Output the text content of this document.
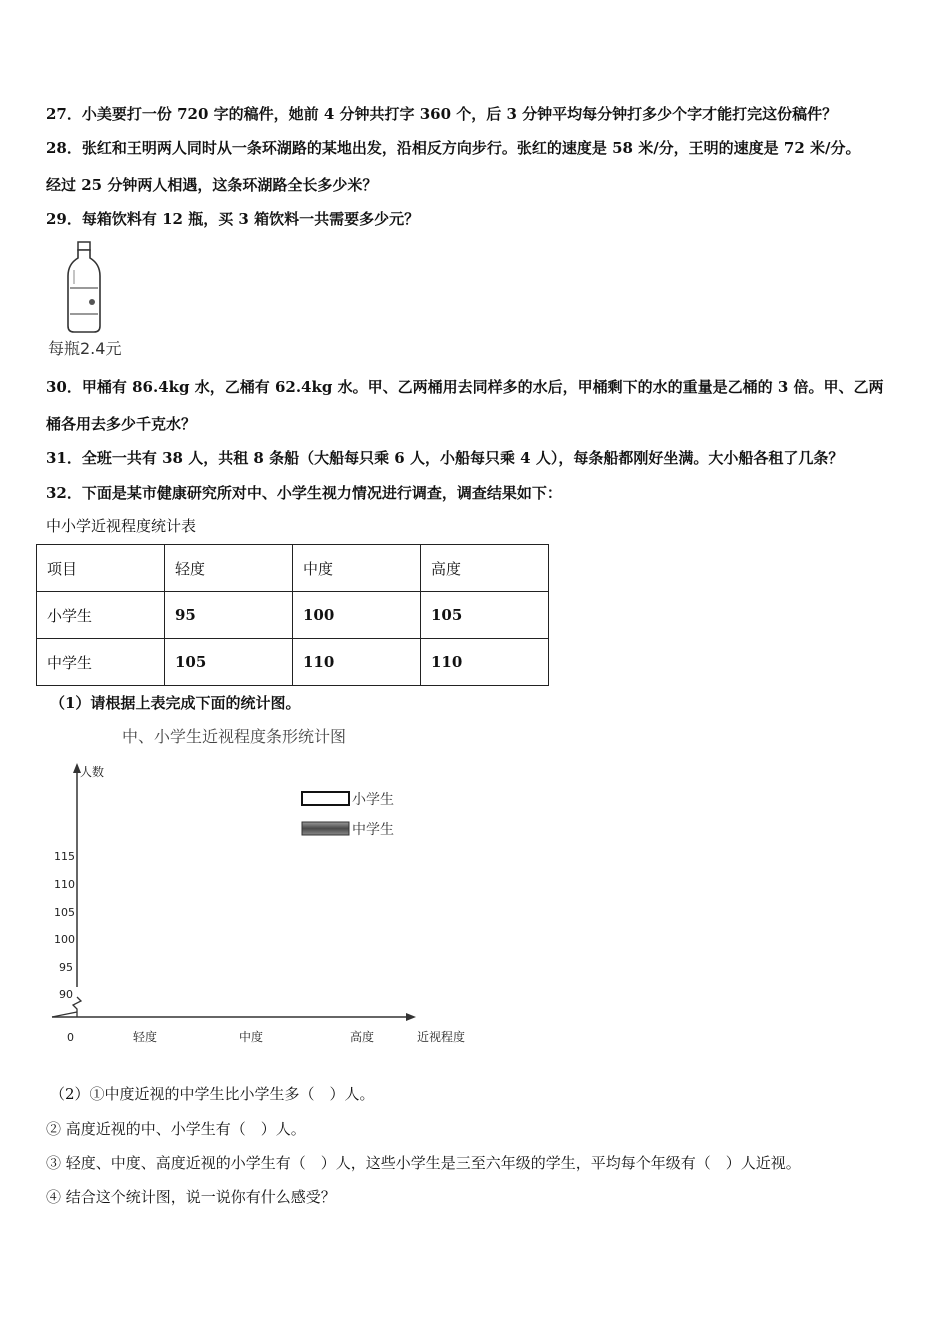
27．小美要打一份 720 字的稿件，她前 4 分钟共打字 360 个，后 3 分钟平均每分钟打多少个字才能打完这份稿件？
28．张红和王明两人同时从一条环湖路的某地出发，沿相反方向步行。张红的速度是 58 米/分，王明的速度是 72 米/分。
经过 25 分钟两人相遇，这条环湖路全长多少米？
29．每箱饮料有 12 瓶，买 3 箱饮料一共需要多少元？
每瓶2.4元
30．甲桶有 86.4kg 水，乙桶有 62.4kg 水。甲、乙两桶用去同样多的水后，甲桶剩下的水的重量是乙桶的 3 倍。甲、乙两
桶各用去多少千克水？
31．全班一共有 38 人，共租 8 条船（大船每只乘 6 人，小船每只乘 4 人），每条船都刚好坐满。大小船各租了几条？
32．下面是某市健康研究所对中、小学生视力情况进行调查，调查结果如下：
中小学近视程度统计表
项目	轻度	中度	高度
小学生	95	100	105
中学生	105	110	110
（1）请根据上表完成下面的统计图。
中、小学生近视程度条形统计图
人数
近视程度
115
110
105
100
95
90
0	轻度	中度	高度
小学生
中学生
（2）①中度近视的中学生比小学生多（　）人。
② 高度近视的中、小学生有（　）人。
③ 轻度、中度、高度近视的小学生有（　）人，这些小学生是三至六年级的学生，平均每个年级有（　）人近视。
④ 结合这个统计图，说一说你有什么感受？
